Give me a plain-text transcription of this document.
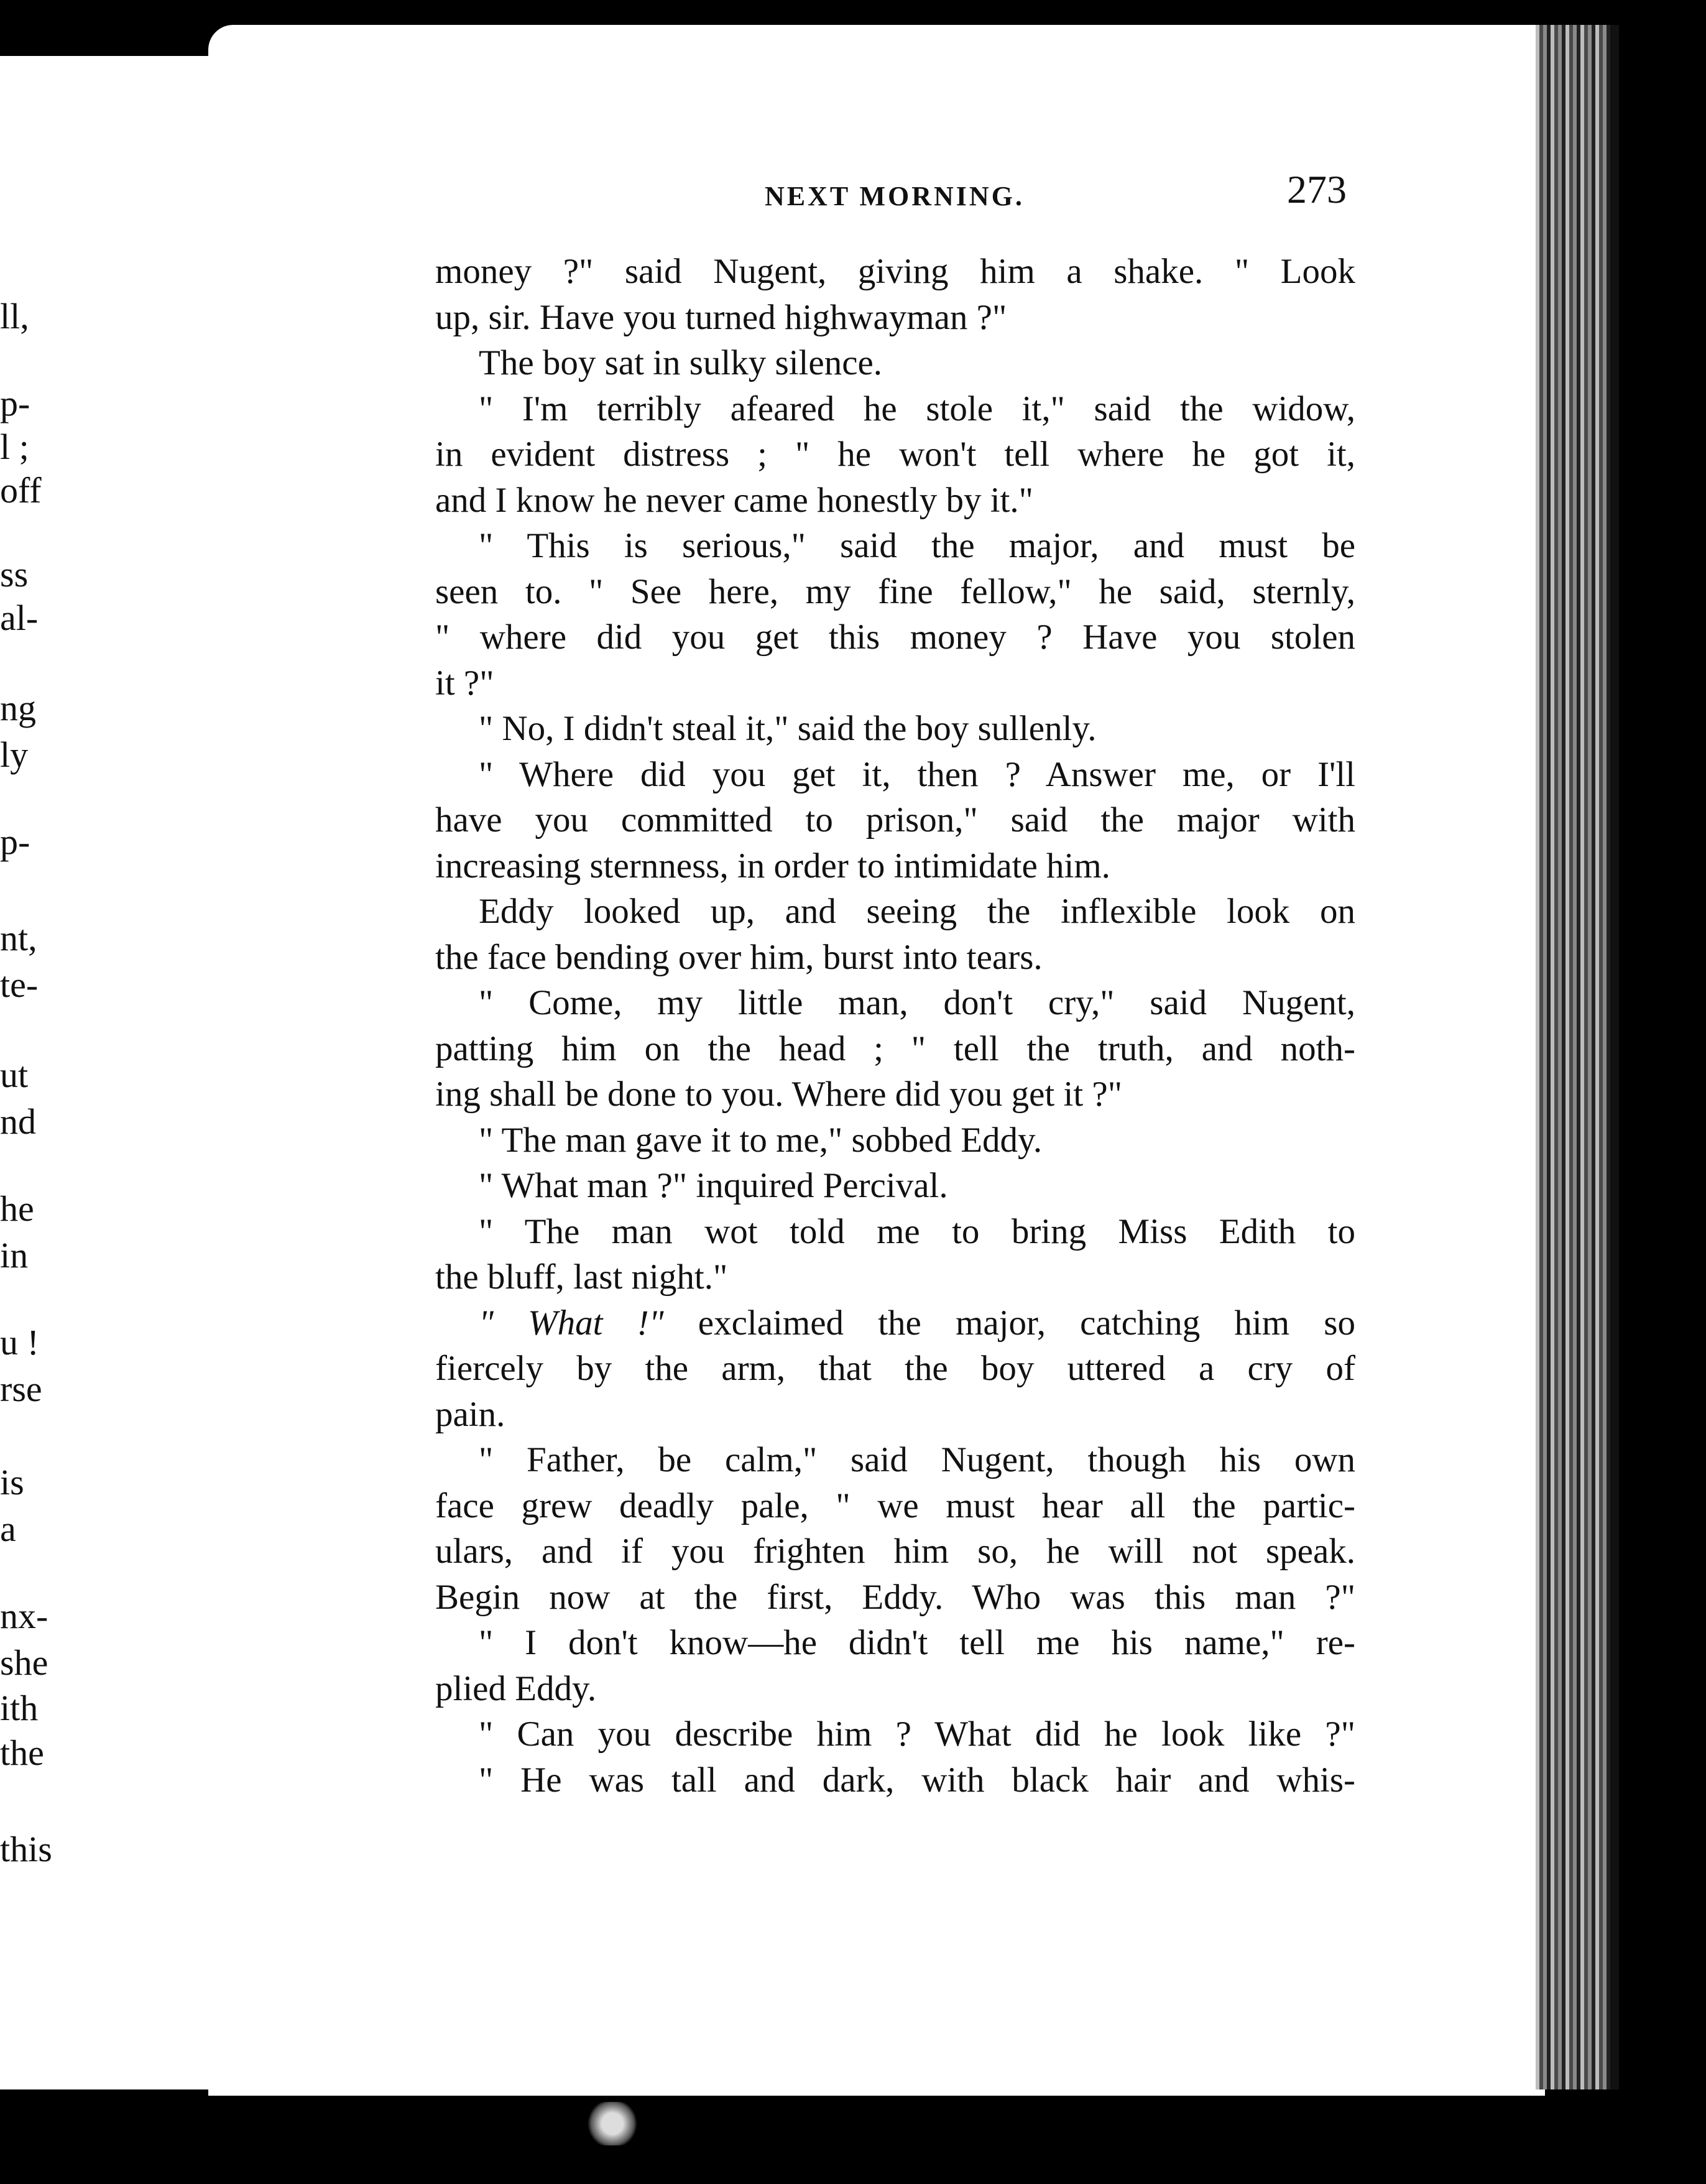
ll,
p-
l ;
off
ss
al-
ng
ly
p-
nt,
te-
ut
nd
he
in
u !
rse
is
a
nx-
she
ith
the
this
NEXT MORNING.	273
money ?" said Nugent, giving him a shake. " Look
up, sir. Have you turned highwayman ?"
The boy sat in sulky silence.
" I'm terribly afeared he stole it," said the widow,
in evident distress ; " he won't tell where he got it,
and I know he never came honestly by it."
" This is serious," said the major, and must be
seen to. " See here, my fine fellow," he said, sternly,
" where did you get this money ? Have you stolen
it ?"
" No, I didn't steal it," said the boy sullenly.
" Where did you get it, then ? Answer me, or I'll
have you committed to prison," said the major with
increasing sternness, in order to intimidate him.
Eddy looked up, and seeing the inflexible look on
the face bending over him, burst into tears.
" Come, my little man, don't cry," said Nugent,
patting him on the head ; " tell the truth, and noth-
ing shall be done to you. Where did you get it ?"
" The man gave it to me," sobbed Eddy.
" What man ?" inquired Percival.
" The man wot told me to bring Miss Edith to
the bluff, last night."
" What !" exclaimed the major, catching him so
fiercely by the arm, that the boy uttered a cry of
pain.
" Father, be calm," said Nugent, though his own
face grew deadly pale, " we must hear all the partic-
ulars, and if you frighten him so, he will not speak.
Begin now at the first, Eddy. Who was this man ?"
" I don't know—he didn't tell me his name," re-
plied Eddy.
" Can you describe him ? What did he look like ?"
" He was tall and dark, with black hair and whis-
